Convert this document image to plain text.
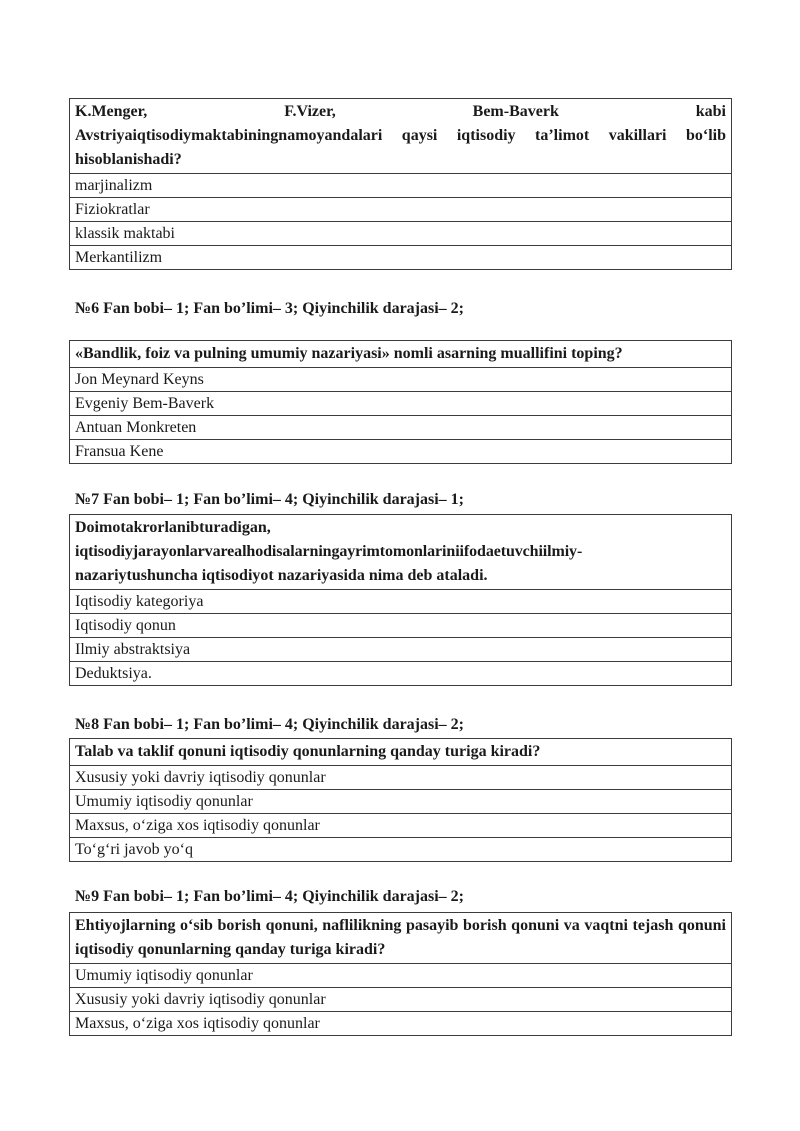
K.Menger,	F.Vizer,	Bem-Baverk	kabi
Avstriyaiqtisodiymaktabiningnamoyandalari qaysi iqtisodiy ta’limot vakillari bo‘lib hisoblanishadi?

marjinalizm
Fiziokratlar
klassik maktabi
Merkantilizm
№6 Fan bobi– 1; Fan bo’limi– 3; Qiyinchilik darajasi– 2;
«Bandlik, foiz va pulning umumiy nazariyasi» nomli asarning muallifini toping?
Jon Meynard Keyns
Evgeniy Bem-Baverk
Antuan Monkreten
Fransua Kene
№7 Fan bobi– 1; Fan bo’limi– 4; Qiyinchilik darajasi– 1;
Doimotakrorlanibturadigan,
iqtisodiyjarayonlarvarealhodisalarningayrimtomonlariniifodaetuvchiilmiy-
nazariytushuncha iqtisodiyot nazariyasida nima deb ataladi.

Iqtisodiy kategoriya
Iqtisodiy qonun
Ilmiy abstraktsiya
Deduktsiya.
№8 Fan bobi– 1; Fan bo’limi– 4; Qiyinchilik darajasi– 2;
Talab va taklif qonuni iqtisodiy qonunlarning qanday turiga kiradi?
Xususiy yoki davriy iqtisodiy qonunlar
Umumiy iqtisodiy qonunlar
Maxsus, o‘ziga xos iqtisodiy qonunlar
To‘g‘ri javob yo‘q
№9 Fan bobi– 1; Fan bo’limi– 4; Qiyinchilik darajasi– 2;
Ehtiyojlarning o‘sib borish qonuni, naflilikning pasayib borish qonuni va vaqtni tejash qonuni iqtisodiy qonunlarning qanday turiga kiradi?
Umumiy iqtisodiy qonunlar
Xususiy yoki davriy iqtisodiy qonunlar
Maxsus, o‘ziga xos iqtisodiy qonunlar
